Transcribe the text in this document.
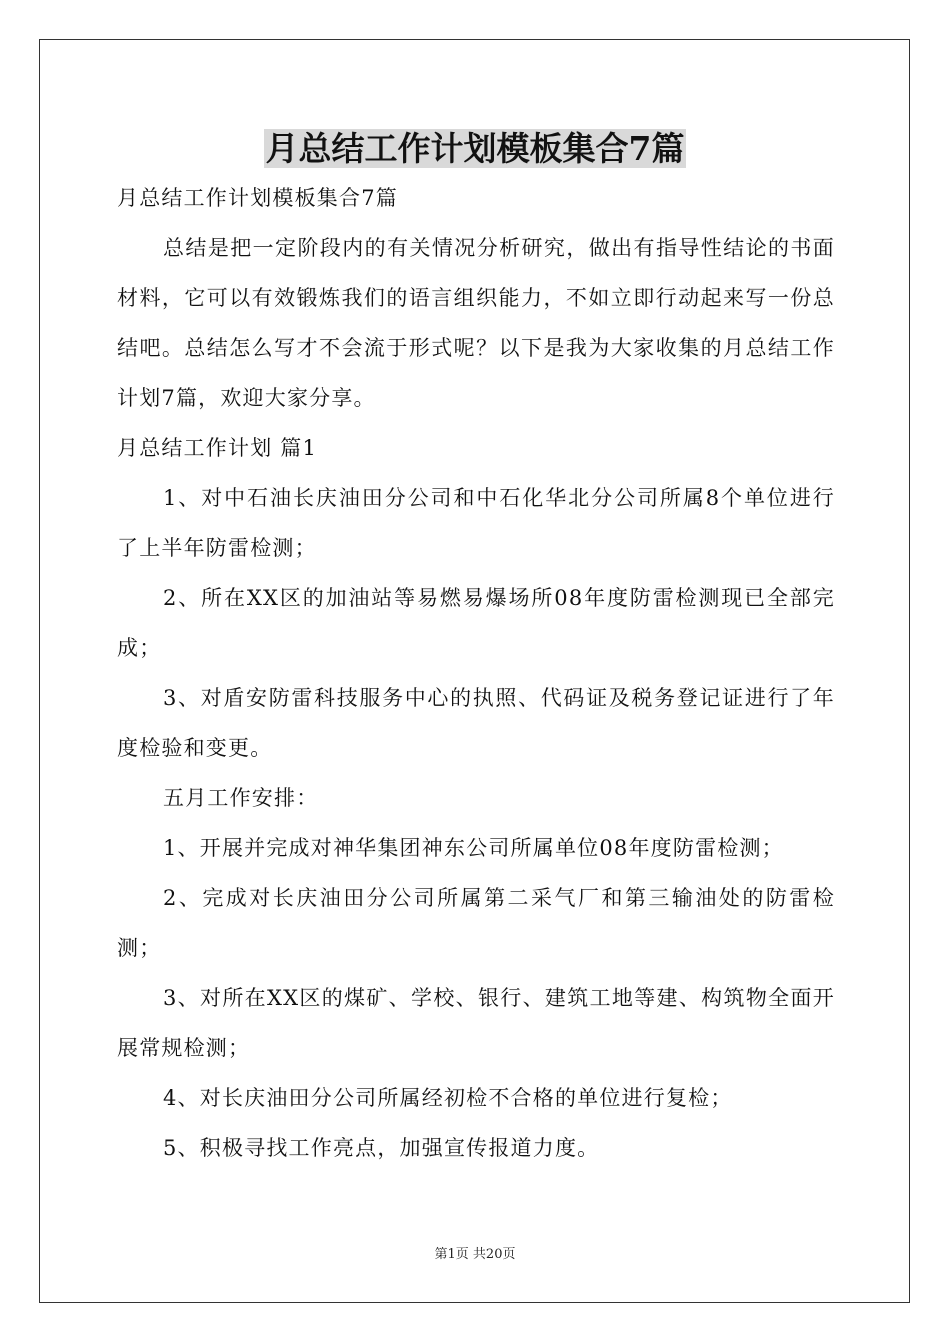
月总结工作计划模板集合7篇

月总结工作计划模板集合7篇

总结是把一定阶段内的有关情况分析研究，做出有指导性结论的书面材料，它可以有效锻炼我们的语言组织能力，不如立即行动起来写一份总结吧。总结怎么写才不会流于形式呢？以下是我为大家收集的月总结工作计划7篇，欢迎大家分享。

月总结工作计划 篇1

1、对中石油长庆油田分公司和中石化华北分公司所属8个单位进行了上半年防雷检测；

2、所在XX区的加油站等易燃易爆场所08年度防雷检测现已全部完成；

3、对盾安防雷科技服务中心的执照、代码证及税务登记证进行了年度检验和变更。

五月工作安排：

1、开展并完成对神华集团神东公司所属单位08年度防雷检测；

2、完成对长庆油田分公司所属第二采气厂和第三输油处的防雷检测；

3、对所在XX区的煤矿、学校、银行、建筑工地等建、构筑物全面开展常规检测；

4、对长庆油田分公司所属经初检不合格的单位进行复检；

5、积极寻找工作亮点，加强宣传报道力度。

第1页 共20页
